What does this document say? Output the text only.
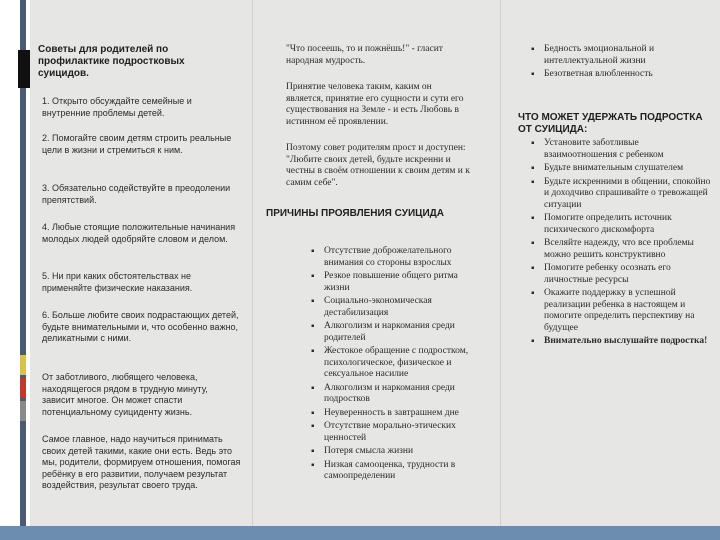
Советы для родителей по профилактике подростковых суицидов.
1. Открыто обсуждайте семейные и внутренние проблемы детей.
2. Помогайте своим детям строить реальные цели в жизни и стремиться к ним.
3. Обязательно содействуйте в преодолении препятствий.
4. Любые стоящие положительные начинания молодых людей одобряйте словом и делом.
5. Ни при каких обстоятельствах не применяйте физические наказания.
6. Больше любите своих подрастающих детей, будьте внимательными и, что особенно важно, деликатными с ними.
От заботливого, любящего человека, находящегося рядом в трудную минуту, зависит многое. Он может спасти потенциальному суициденту жизнь.
Самое главное, надо научиться принимать своих детей такими, какие они есть. Ведь это мы, родители, формируем отношения, помогая ребёнку в его развитии, получаем результат воздействия, результат своего труда.
"Что посеешь, то и пожнёшь!" - гласит народная мудрость.
Принятие человека таким, каким он является, принятие его сущности и сути его существования на Земле - и есть Любовь в истинном её проявлении.
Поэтому совет родителям прост и доступен: "Любите своих детей, будьте искренни и честны в своём отношении к своим детям и к самим себе".
ПРИЧИНЫ ПРОЯВЛЕНИЯ СУИЦИДА
▪ Отсутствие доброжелательного внимания со стороны взрослых
▪ Резкое повышение общего ритма жизни
▪ Социально-экономическая дестабилизация
▪ Алкоголизм и наркомания среди родителей
▪ Жестокое обращение с подростком, психологическое, физическое и сексуальное насилие
▪ Алкоголизм и наркомания среди подростков
▪ Неуверенность в завтрашнем дне
▪ Отсутствие морально-этических ценностей
▪ Потеря смысла жизни
▪ Низкая самооценка, трудности в самоопределении
▪ Бедность эмоциональной и интеллектуальной жизни
▪ Безответная влюбленность
ЧТО МОЖЕТ УДЕРЖАТЬ ПОДРОСТКА ОТ СУИЦИДА:
▪ Установите заботливые взаимоотношения с ребенком
▪ Будьте внимательным слушателем
▪ Будьте искренними в общении, спокойно и доходчиво спрашивайте о тревожащей ситуации
▪ Помогите определить источник психического дискомфорта
▪ Вселяйте надежду, что все проблемы можно решить конструктивно
▪ Помогите ребенку осознать его личностные ресурсы
▪ Окажите поддержку в успешной реализации ребенка в настоящем и помогите определить перспективу на будущее
▪ Внимательно выслушайте подростка!
